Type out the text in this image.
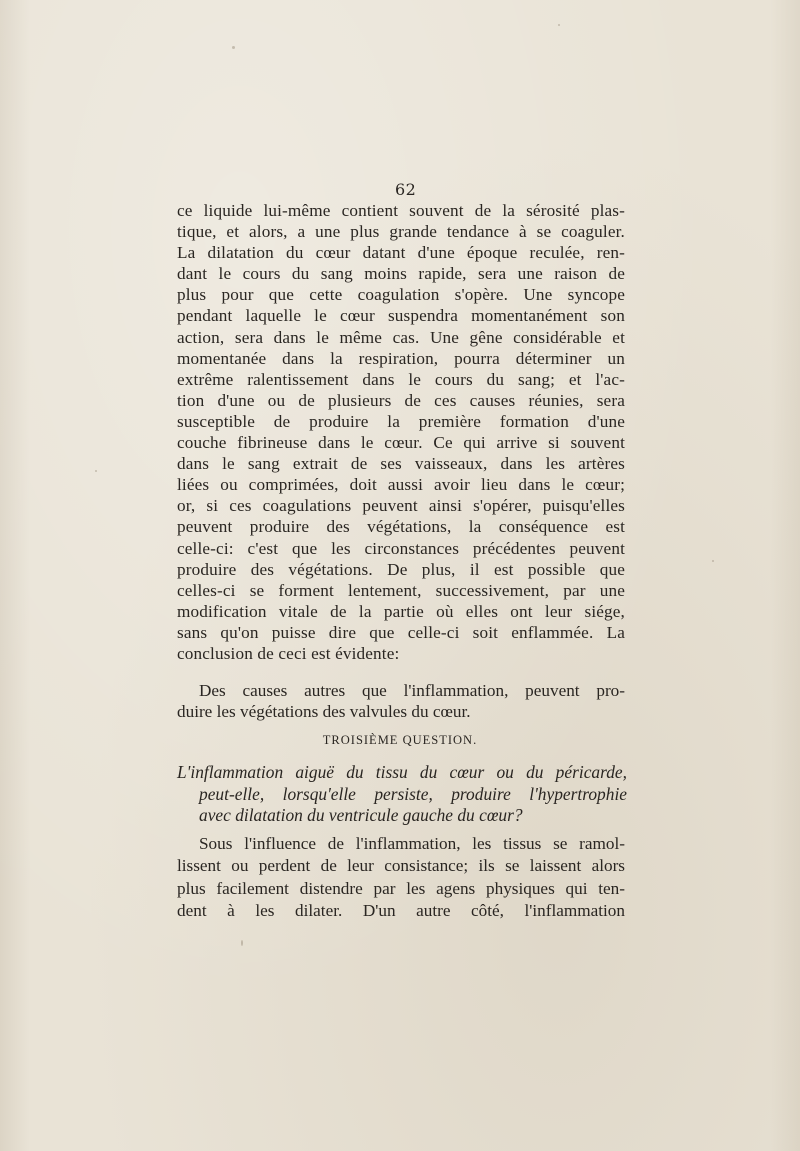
62
ce liquide lui-même contient souvent de la sérosité plas-
tique, et alors, a une plus grande tendance à se coaguler.
La dilatation du cœur datant d'une époque reculée, ren-
dant le cours du sang moins rapide, sera une raison de
plus pour que cette coagulation s'opère. Une syncope
pendant laquelle le cœur suspendra momentanément son
action, sera dans le même cas. Une gêne considérable et
momentanée dans la respiration, pourra déterminer un
extrême ralentissement dans le cours du sang; et l'ac-
tion d'une ou de plusieurs de ces causes réunies, sera
susceptible de produire la première formation d'une
couche fibrineuse dans le cœur. Ce qui arrive si souvent
dans le sang extrait de ses vaisseaux, dans les artères
liées ou comprimées, doit aussi avoir lieu dans le cœur;
or, si ces coagulations peuvent ainsi s'opérer, puisqu'elles
peuvent produire des végétations, la conséquence est
celle-ci: c'est que les circonstances précédentes peuvent
produire des végétations. De plus, il est possible que
celles-ci se forment lentement, successivement, par une
modification vitale de la partie où elles ont leur siége,
sans qu'on puisse dire que celle-ci soit enflammée. La
conclusion de ceci est évidente:
Des causes autres que l'inflammation, peuvent pro-
duire les végétations des valvules du cœur.
TROISIÈME QUESTION.
L'inflammation aiguë du tissu du cœur ou du péricarde,
peut-elle, lorsqu'elle persiste, produire l'hypertrophie
avec dilatation du ventricule gauche du cœur?
Sous l'influence de l'inflammation, les tissus se ramol-
lissent ou perdent de leur consistance; ils se laissent alors
plus facilement distendre par les agens physiques qui ten-
dent à les dilater. D'un autre côté, l'inflammation
